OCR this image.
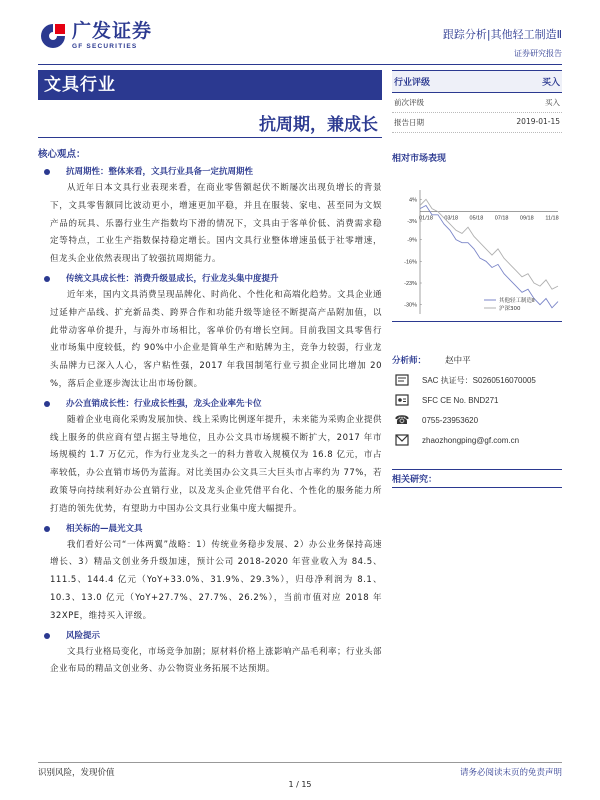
广发证券
GF SECURITIES
跟踪分析|其他轻工制造Ⅱ
证券研究报告
文具行业
抗周期，兼成长
核心观点：
抗周期性：整体来看，文具行业具备一定抗周期性
从近年日本文具行业表现来看，在商业零售额起伏不断屡次出现负增长的背景下，文具零售额同比波动更小，增速更加平稳，并且在服装、家电、甚至同为文娱产品的玩具、乐器行业生产指数均下滑的情况下，文具由于客单价低、消费需求稳定等特点，工业生产指数保持稳定增长。国内文具行业整体增速虽低于社零增速，但龙头企业依然表现出了较强抗周期能力。
传统文具成长性：消费升级显成长，行业龙头集中度提升
近年来，国内文具消费呈现品牌化、时尚化、个性化和高端化趋势。文具企业通过延伸产品线、扩充新品类、跨界合作和功能升级等途径不断提高产品附加值，以此带动客单价提升，与海外市场相比，客单价仍有增长空间。目前我国文具零售行业市场集中度较低，约 90%中小企业是简单生产和贴牌为主，竞争力较弱，行业龙头品牌力已深入人心，客户粘性强，2017 年我国制笔行业亏损企业同比增加 20 %，落后企业逐步淘汰让出市场份额。
办公直销成长性：行业成长性强，龙头企业率先卡位
随着企业电商化采购发展加快、线上采购比例逐年提升，未来能为采购企业提供线上服务的供应商有望占据主导地位，且办公文具市场规模不断扩大，2017 年市场规模约 1.7 万亿元，作为行业龙头之一的科力普收入规模仅为 16.8 亿元，市占率较低，办公直销市场仍为蓝海。对比美国办公文具三大巨头市占率约为 77%，若政策导向持续利好办公直销行业，以及龙头企业凭借平台化、个性化的服务能力所打造的领先优势，有望助力中国办公文具行业集中度大幅提升。
相关标的—晨光文具
我们看好公司“一体两翼”战略：1）传统业务稳步发展、2）办公业务保持高速增长、3）精品文创业务升级加速，预计公司 2018-2020 年营业收入为 84.5、111.5、144.4 亿元（YoY+33.0%、31.9%、29.3%），归母净利润为 8.1、10.3、13.0 亿元（YoY+27.7%、27.7%、26.2%），当前市值对应 2018 年 32XPE，维持买入评级。
风险提示
文具行业格局变化，市场竞争加剧；原材料价格上涨影响产品毛利率；行业头部企业布局的精品文创业务、办公物资业务拓展不达预期。
行业评级	买入
前次评级	买入
报告日期	2019-01-15
相对市场表现
4%
-3%
-9%
-16%
-23%
-30%
01/18 03/18 05/18 07/18 09/18 11/18
其他轻工制造Ⅱ
沪深300
分析师： 赵中平
SAC 执证号：S0260516070005
SFC CE No. BND271
☎	0755-23953620
zhaozhongping@gf.com.cn
相关研究：
识别风险，发现价值	请务必阅读末页的免责声明
1 / 15
